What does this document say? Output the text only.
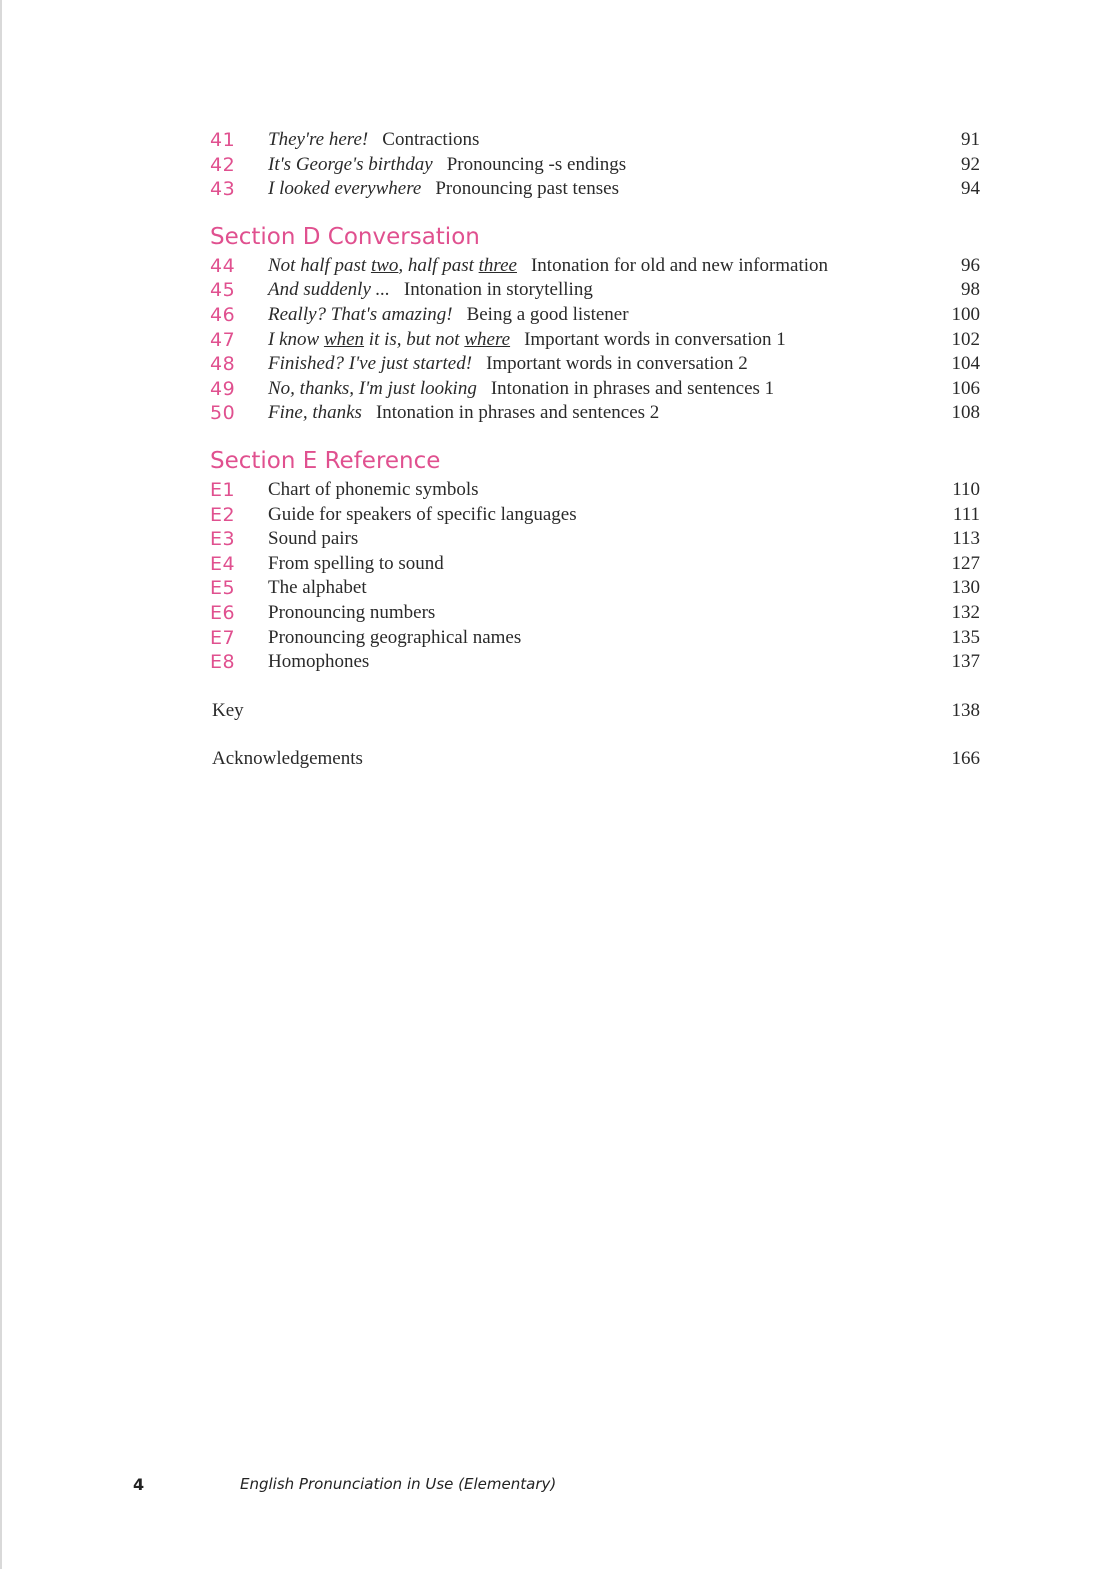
41	They're here! Contractions	91
42	It's George's birthday Pronouncing -s endings	92
43	I looked everywhere Pronouncing past tenses	94
Section D Conversation
44	Not half past two, half past three Intonation for old and new information	96
45	And suddenly ... Intonation in storytelling	98
46	Really? That's amazing! Being a good listener	100
47	I know when it is, but not where Important words in conversation 1	102
48	Finished? I've just started! Important words in conversation 2	104
49	No, thanks, I'm just looking Intonation in phrases and sentences 1	106
50	Fine, thanks Intonation in phrases and sentences 2	108
Section E Reference
E1	Chart of phonemic symbols	110
E2	Guide for speakers of specific languages	111
E3	Sound pairs	113
E4	From spelling to sound	127
E5	The alphabet	130
E6	Pronouncing numbers	132
E7	Pronouncing geographical names	135
E8	Homophones	137
Key	138
Acknowledgements	166
4	English Pronunciation in Use (Elementary)
